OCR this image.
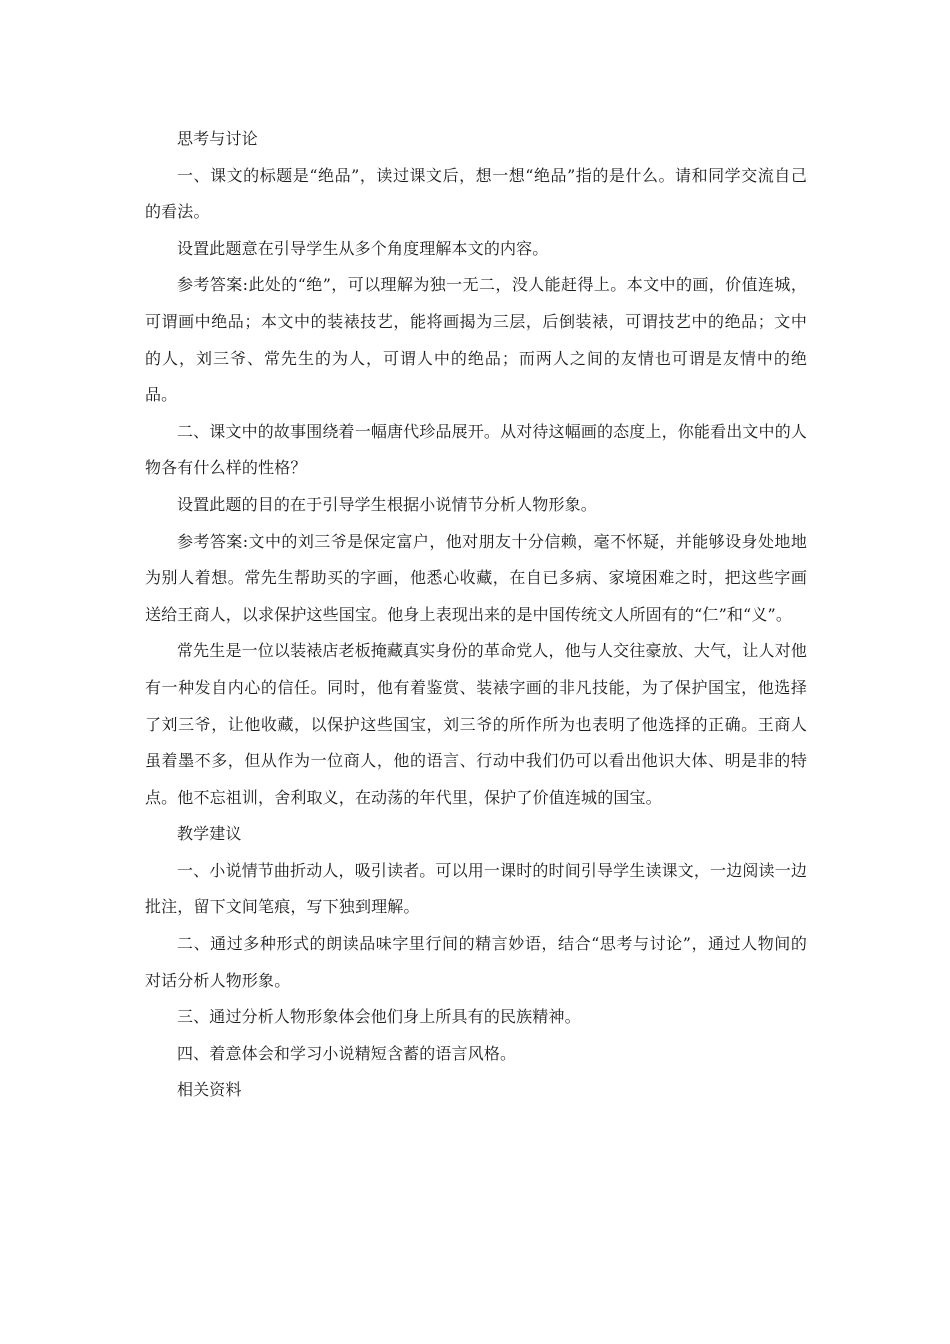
思考与讨论

一、课文的标题是“绝品”，读过课文后，想一想“绝品”指的是什么。请和同学交流自己的看法。

设置此题意在引导学生从多个角度理解本文的内容。

参考答案:此处的“绝”，可以理解为独一无二，没人能赶得上。本文中的画，价值连城，可谓画中绝品；本文中的装裱技艺，能将画揭为三层，后倒装裱，可谓技艺中的绝品；文中的人，刘三爷、常先生的为人，可谓人中的绝品；而两人之间的友情也可谓是友情中的绝品。

二、课文中的故事围绕着一幅唐代珍品展开。从对待这幅画的态度上，你能看出文中的人物各有什么样的性格？

设置此题的目的在于引导学生根据小说情节分析人物形象。

参考答案:文中的刘三爷是保定富户，他对朋友十分信赖，毫不怀疑，并能够设身处地地为别人着想。常先生帮助买的字画，他悉心收藏，在自已多病、家境困难之时，把这些字画送给王商人，以求保护这些国宝。他身上表现出来的是中国传统文人所固有的“仁”和“义”。

常先生是一位以装裱店老板掩藏真实身份的革命党人，他与人交往豪放、大气，让人对他有一种发自内心的信任。同时，他有着鉴赏、装裱字画的非凡技能，为了保护国宝，他选择了刘三爷，让他收藏，以保护这些国宝，刘三爷的所作所为也表明了他选择的正确。王商人虽着墨不多，但从作为一位商人，他的语言、行动中我们仍可以看出他识大体、明是非的特点。他不忘祖训，舍利取义，在动荡的年代里，保护了价值连城的国宝。

教学建议

一、小说情节曲折动人，吸引读者。可以用一课时的时间引导学生读课文，一边阅读一边批注，留下文间笔痕，写下独到理解。

二、通过多种形式的朗读品味字里行间的精言妙语，结合“思考与讨论”，通过人物间的对话分析人物形象。

三、通过分析人物形象体会他们身上所具有的民族精神。

四、着意体会和学习小说精短含蓄的语言风格。

相关资料
